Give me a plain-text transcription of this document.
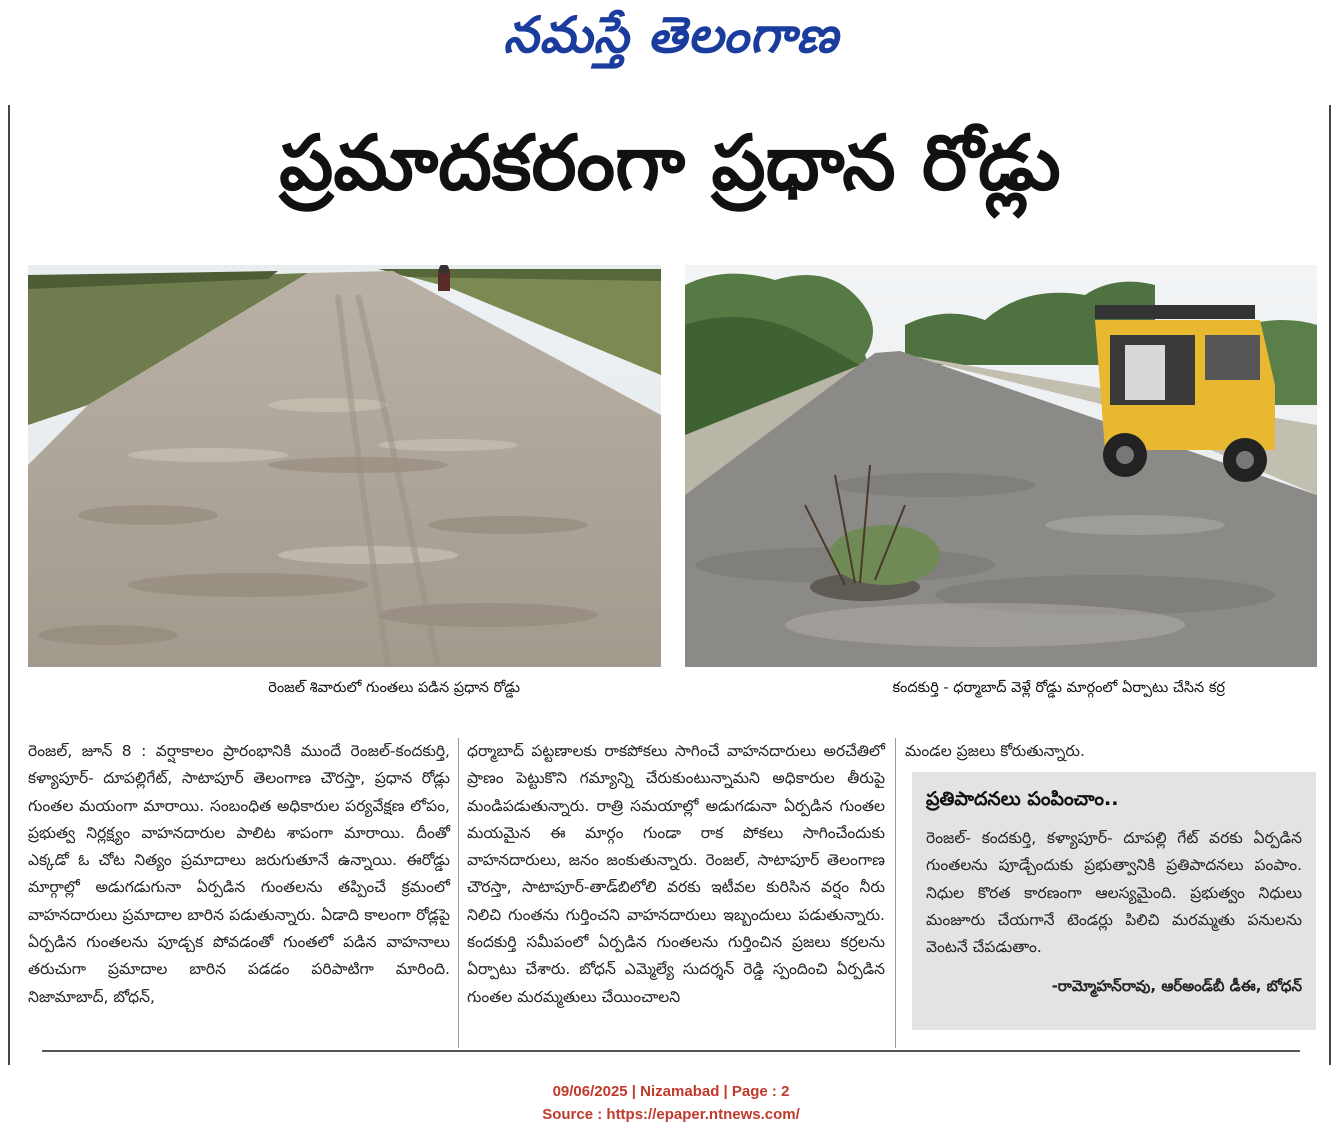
నమస్తే తెలంగాణ
ప్రమాదకరంగా ప్రధాన రోడ్లు
రెంజల్ శివారులో గుంతలు పడిన ప్రధాన రోడ్డు	కందకుర్తి - ధర్మాబాద్ వెళ్లే రోడ్డు మార్గంలో ఏర్పాటు చేసిన కర్ర

రెంజల్, జూన్ 8 : వర్షాకాలం ప్రారంభానికి ముందే రెంజల్-కందకుర్తి, కళ్యాపూర్- దూపల్లిగేట్, సాటాపూర్ తెలంగాణ చౌరస్తా, ప్రధాన రోడ్లు గుంతల మయంగా మారాయి. సంబంధిత అధికారుల పర్యవేక్షణ లోపం, ప్రభుత్వ నిర్లక్ష్యం వాహనదారుల పాలిట శాపంగా మారాయి. దీంతో ఎక్కడో ఓ చోట నిత్యం ప్రమాదాలు జరుగుతూనే ఉన్నాయి. ఈరోడ్డు మార్గాల్లో అడుగడుగునా ఏర్పడిన గుంతలను తప్పించే క్రమంలో వాహనదారులు ప్రమాదాల బారిన పడుతున్నారు. ఏడాది కాలంగా రోడ్లపై ఏర్పడిన గుంతలను పూడ్చక పోవడంతో గుంతలో పడిన వాహనాలు తరుచుగా ప్రమాదాల బారిన పడడం పరిపాటిగా మారింది. నిజామాబాద్, బోధన్,

ధర్మాబాద్ పట్టణాలకు రాకపోకలు సాగించే వాహనదారులు అరచేతిలో ప్రాణం పెట్టుకొని గమ్యాన్ని చేరుకుంటున్నామని అధికారుల తీరుపై మండిపడుతున్నారు. రాత్రి సమయాల్లో అడుగడునా ఏర్పడిన గుంతల మయమైన ఈ మార్గం గుండా రాక పోకలు సాగించేందుకు వాహనదారులు, జనం జంకుతున్నారు. రెంజల్, సాటాపూర్ తెలంగాణ చౌరస్తా, సాటాపూర్-తాడ్‌బిలోలి వరకు ఇటీవల కురిసిన వర్షం నీరు నిలిచి గుంతను గుర్తించని వాహనదారులు ఇబ్బందులు పడుతున్నారు. కందకుర్తి సమీపంలో ఏర్పడిన గుంతలను గుర్తించిన ప్రజలు కర్రలను ఏర్పాటు చేశారు. బోధన్ ఎమ్మెల్యే సుదర్శన్ రెడ్డి స్పందించి ఏర్పడిన గుంతల మరమ్మతులు చేయించాలని

మండల ప్రజలు కోరుతున్నారు.

ప్రతిపాదనలు పంపించాం..

రెంజల్- కందకుర్తి, కళ్యాపూర్- దూపల్లి గేట్ వరకు ఏర్పడిన గుంతలను పూడ్చేందుకు ప్రభుత్వానికి ప్రతిపాదనలు పంపాం. నిధుల కొరత కారణంగా ఆలస్యమైంది. ప్రభుత్వం నిధులు మంజూరు చేయగానే టెండర్లు పిలిచి మరమ్మతు పనులను వెంటనే చేపడుతాం.

-రామ్మోహన్‌రావు, ఆర్‌అండ్‌బీ డీఈ, బోధన్
09/06/2025 | Nizamabad | Page : 2
Source : https://epaper.ntnews.com/
